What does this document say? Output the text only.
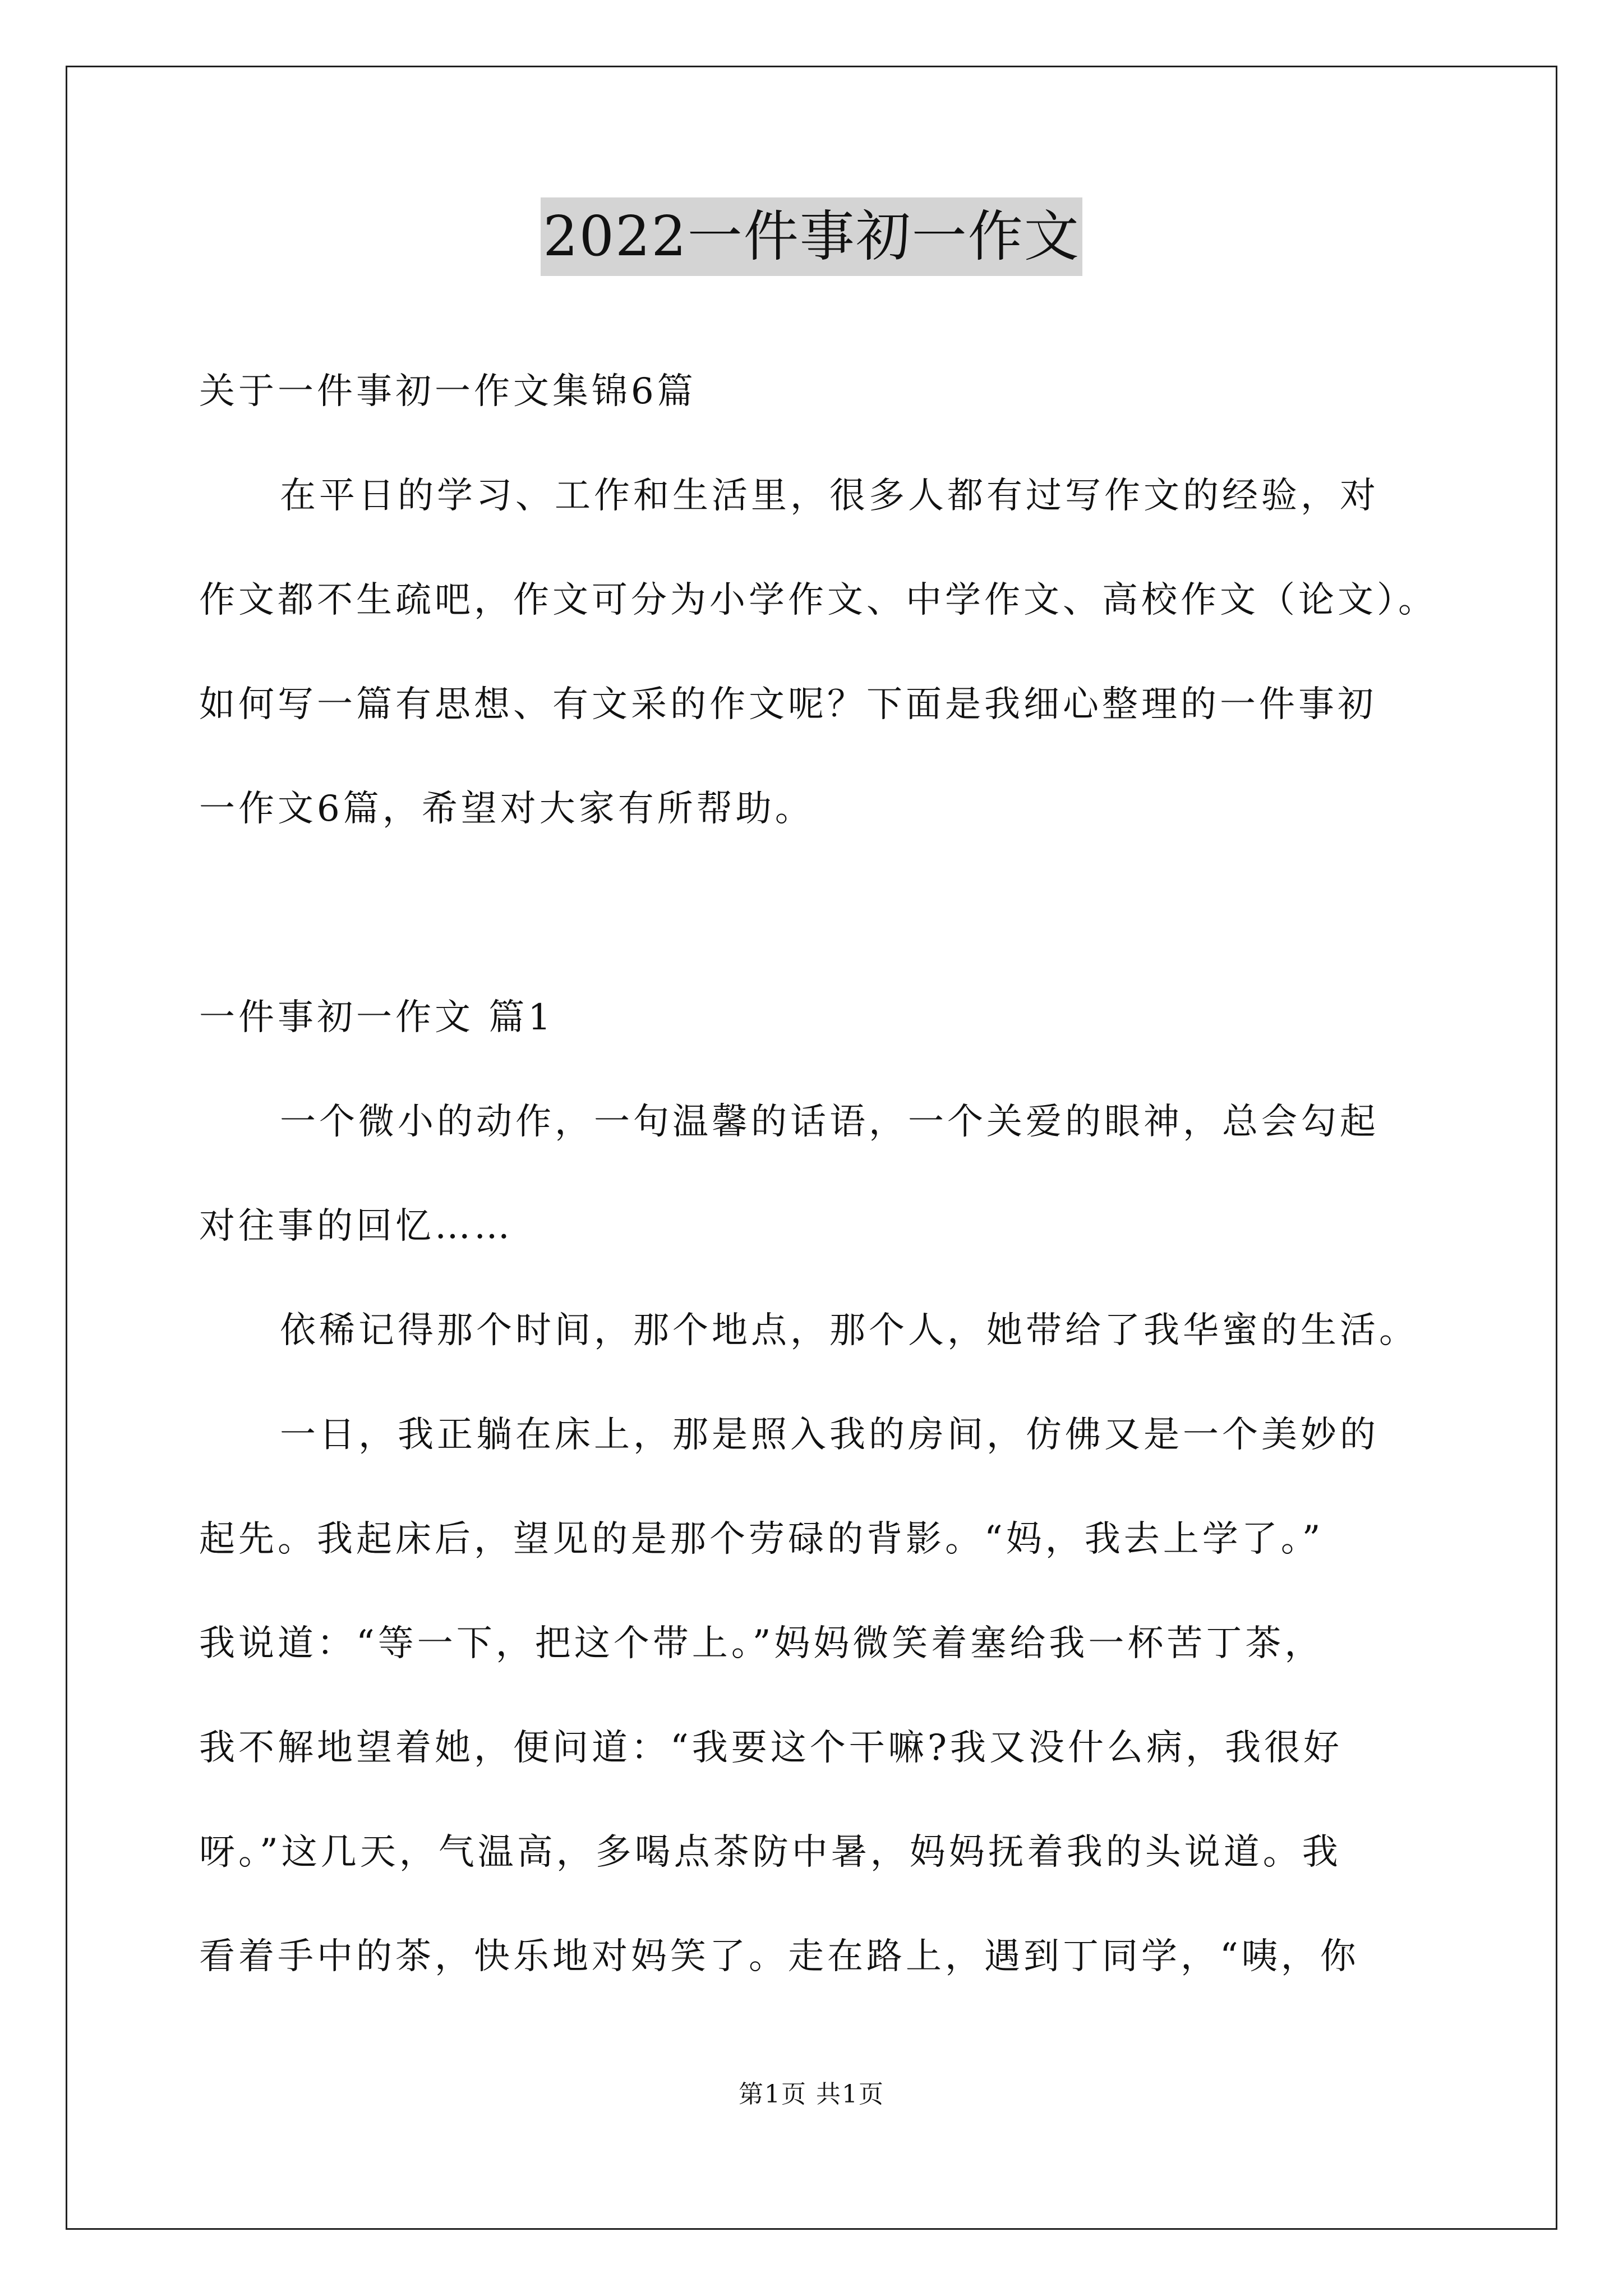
2022一件事初一作文
关于一件事初一作文集锦6篇
在平日的学习、工作和生活里，很多人都有过写作文的经验，对
作文都不生疏吧，作文可分为小学作文、中学作文、高校作文（论文）。
如何写一篇有思想、有文采的作文呢？下面是我细心整理的一件事初
一作文6篇，希望对大家有所帮助。
一件事初一作文 篇1
一个微小的动作，一句温馨的话语，一个关爱的眼神，总会勾起
对往事的回忆……
依稀记得那个时间，那个地点，那个人，她带给了我华蜜的生活。
一日，我正躺在床上，那是照入我的房间，仿佛又是一个美妙的
起先。我起床后，望见的是那个劳碌的背影。“妈，我去上学了。”
我说道：“等一下，把这个带上。”妈妈微笑着塞给我一杯苦丁茶，
我不解地望着她，便问道：“我要这个干嘛?我又没什么病，我很好
呀。”这几天，气温高，多喝点茶防中暑，妈妈抚着我的头说道。我
看着手中的茶，快乐地对妈笑了。走在路上，遇到丁同学，“咦，你
第1页 共1页
